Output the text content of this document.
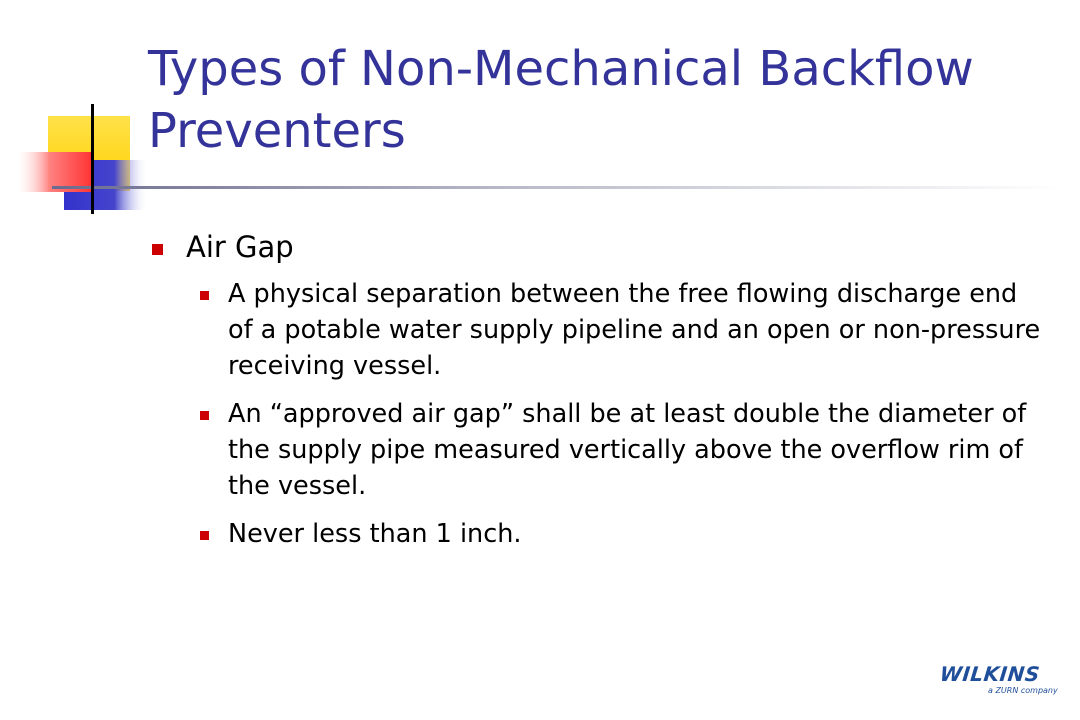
Types of Non-Mechanical Backflow Preventers
Air Gap
A physical separation between the free flowing discharge end of a potable water supply pipeline and an open or non-pressure receiving vessel.
An “approved air gap” shall be at least double the diameter of the supply pipe measured vertically above the overflow rim of the vessel.
Never less than 1 inch.
WILKINS
a ZURN company
